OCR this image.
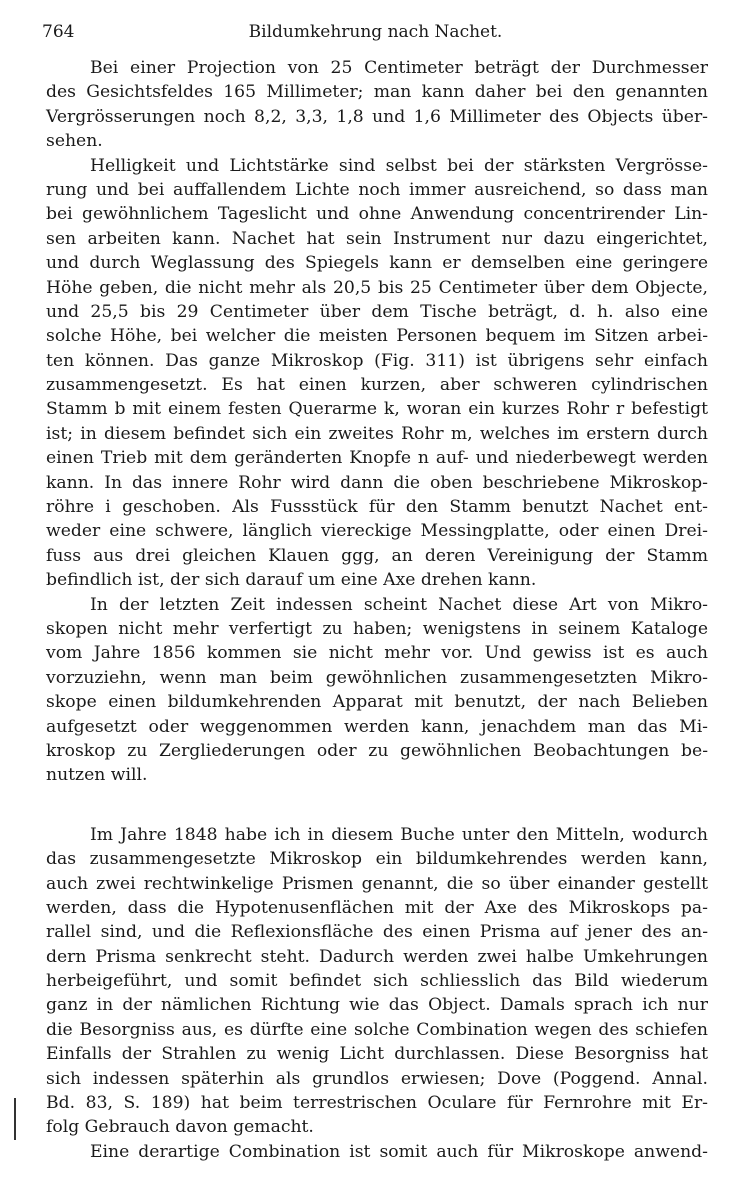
764	Bildumkehrung nach Nachet.
Bei einer Projection von 25 Centimeter beträgt der Durchmesser
des Gesichtsfeldes 165 Millimeter; man kann daher bei den genannten
Vergrösserungen noch 8,2, 3,3, 1,8 und 1,6 Millimeter des Objects über-
sehen.
Helligkeit und Lichtstärke sind selbst bei der stärksten Vergrösse-
rung und bei auffallendem Lichte noch immer ausreichend, so dass man
bei gewöhnlichem Tageslicht und ohne Anwendung concentrirender Lin-
sen arbeiten kann. Nachet hat sein Instrument nur dazu eingerichtet,
und durch Weglassung des Spiegels kann er demselben eine geringere
Höhe geben, die nicht mehr als 20,5 bis 25 Centimeter über dem Objecte,
und 25,5 bis 29 Centimeter über dem Tische beträgt, d. h. also eine
solche Höhe, bei welcher die meisten Personen bequem im Sitzen arbei-
ten können. Das ganze Mikroskop (Fig. 311) ist übrigens sehr einfach
zusammengesetzt. Es hat einen kurzen, aber schweren cylindrischen
Stamm b mit einem festen Querarme k, woran ein kurzes Rohr r befestigt
ist; in diesem befindet sich ein zweites Rohr m, welches im erstern durch
einen Trieb mit dem geränderten Knopfe n auf- und niederbewegt werden
kann. In das innere Rohr wird dann die oben beschriebene Mikroskop-
röhre i geschoben. Als Fussstück für den Stamm benutzt Nachet ent-
weder eine schwere, länglich viereckige Messingplatte, oder einen Drei-
fuss aus drei gleichen Klauen ggg, an deren Vereinigung der Stamm
befindlich ist, der sich darauf um eine Axe drehen kann.
In der letzten Zeit indessen scheint Nachet diese Art von Mikro-
skopen nicht mehr verfertigt zu haben; wenigstens in seinem Kataloge
vom Jahre 1856 kommen sie nicht mehr vor. Und gewiss ist es auch
vorzuziehn, wenn man beim gewöhnlichen zusammengesetzten Mikro-
skope einen bildumkehrenden Apparat mit benutzt, der nach Belieben
aufgesetzt oder weggenommen werden kann, jenachdem man das Mi-
kroskop zu Zergliederungen oder zu gewöhnlichen Beobachtungen be-
nutzen will.
Im Jahre 1848 habe ich in diesem Buche unter den Mitteln, wodurch
das zusammengesetzte Mikroskop ein bildumkehrendes werden kann,
auch zwei rechtwinkelige Prismen genannt, die so über einander gestellt
werden, dass die Hypotenusenflächen mit der Axe des Mikroskops pa-
rallel sind, und die Reflexionsfläche des einen Prisma auf jener des an-
dern Prisma senkrecht steht. Dadurch werden zwei halbe Umkehrungen
herbeigeführt, und somit befindet sich schliesslich das Bild wiederum
ganz in der nämlichen Richtung wie das Object. Damals sprach ich nur
die Besorgniss aus, es dürfte eine solche Combination wegen des schiefen
Einfalls der Strahlen zu wenig Licht durchlassen. Diese Besorgniss hat
sich indessen späterhin als grundlos erwiesen; Dove (Poggend. Annal.
Bd. 83, S. 189) hat beim terrestrischen Oculare für Fernrohre mit Er-
folg Gebrauch davon gemacht.
Eine derartige Combination ist somit auch für Mikroskope anwend-
